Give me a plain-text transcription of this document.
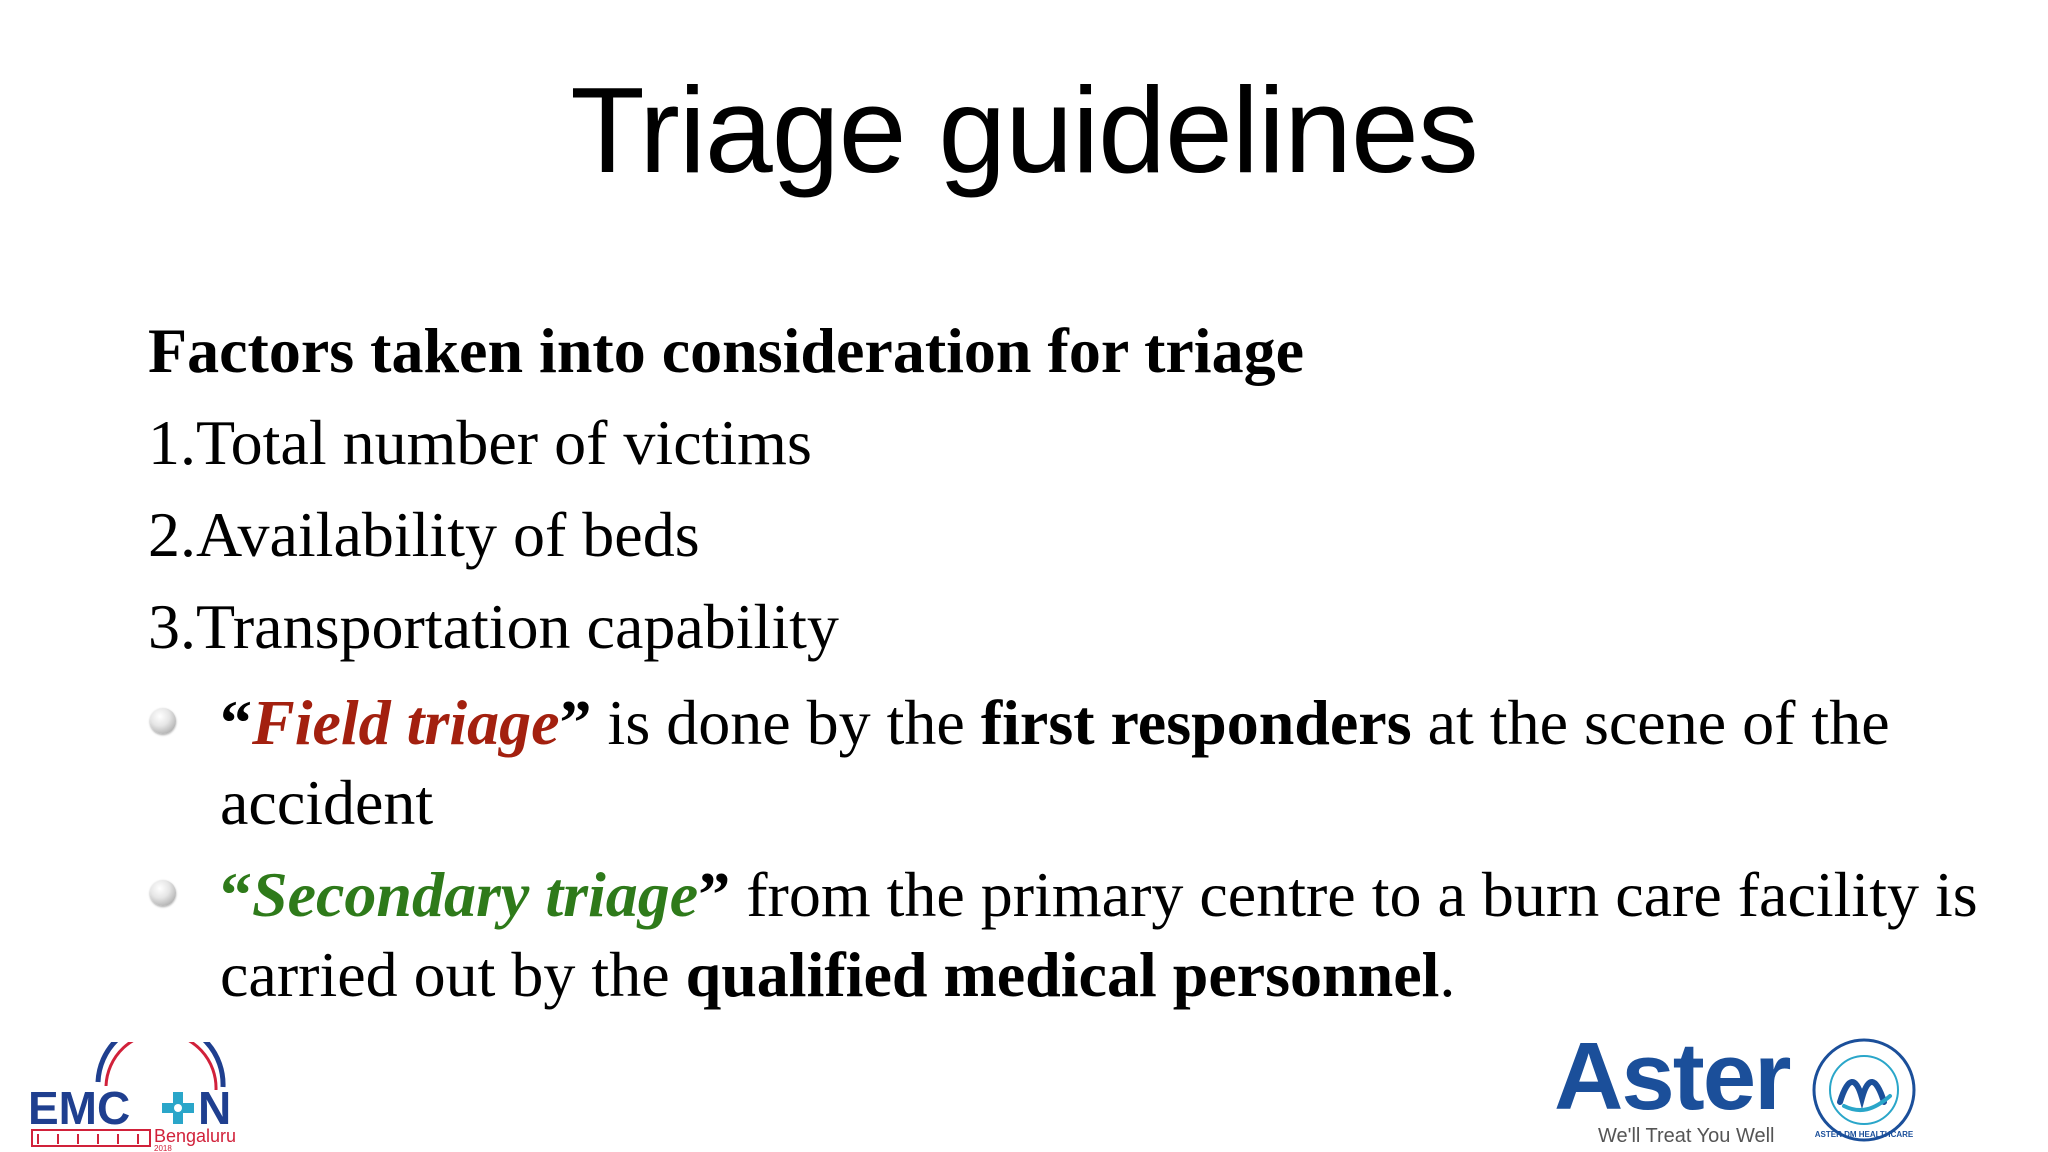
Triage guidelines
Factors taken into consideration for triage
1.Total number of victims
2.Availability of beds
3.Transportation capability
“Field triage” is done by the first responders at the scene of the accident
“Secondary triage” from the primary centre to a burn care facility is carried out by the qualified medical personnel.
EMC N
Bengaluru
2018
Aster
We'll Treat You Well	ASTER DM HEALTHCARE
